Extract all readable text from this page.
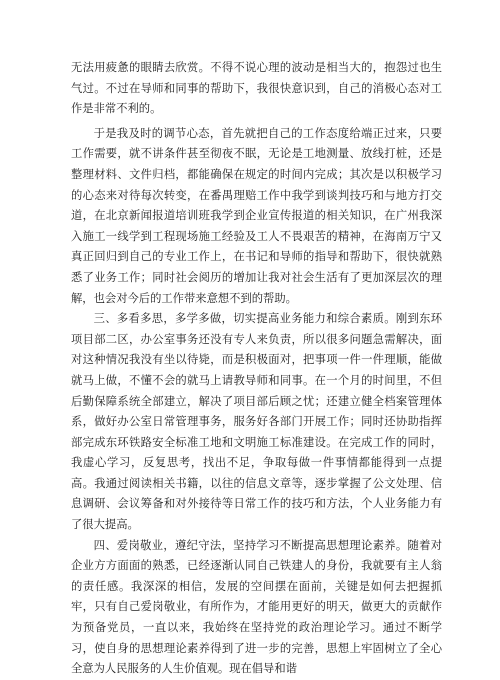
无法用疲惫的眼睛去欣赏。不得不说心理的波动是相当大的，抱怨过也生气过。不过在导师和同事的帮助下，我很快意识到，自己的消极心态对工作是非常不利的。

于是我及时的调节心态，首先就把自己的工作态度给端正过来，只要工作需要，就不讲条件甚至彻夜不眠，无论是工地测量、放线打桩，还是整理材料、文件归档，都能确保在规定的时间内完成；其次是以积极学习的心态来对待每次转变，在番禺理赔工作中我学到谈判技巧和与地方打交道，在北京新闻报道培训班我学到企业宣传报道的相关知识，在广州我深入施工一线学到工程现场施工经验及工人不畏艰苦的精神，在海南万宁又真正回归到自己的专业工作上，在书记和导师的指导和帮助下，很快就熟悉了业务工作；同时社会阅历的增加让我对社会生活有了更加深层次的理解，也会对今后的工作带来意想不到的帮助。

三、多看多思，多学多做，切实提高业务能力和综合素质。刚到东环项目部二区，办公室事务还没有专人来负责，所以很多问题急需解决，面对这种情况我没有坐以待毙，而是积极面对，把事项一件一件理顺，能做就马上做，不懂不会的就马上请教导师和同事。在一个月的时间里，不但后勤保障系统全部建立，解决了项目部后顾之忧；还建立健全档案管理体系，做好办公室日常管理事务，服务好各部门开展工作；同时还协助指挥部完成东环铁路安全标准工地和文明施工标准建设。在完成工作的同时，我虚心学习，反复思考，找出不足，争取每做一件事情都能得到一点提高。我通过阅读相关书籍，以往的信息文章等，逐步掌握了公文处理、信息调研、会议筹备和对外接待等日常工作的技巧和方法，个人业务能力有了很大提高。

四、爱岗敬业，遵纪守法，坚持学习不断提高思想理论素养。随着对企业方方面面的熟悉，已经逐渐认同自己铁建人的身份，我就要有主人翁的责任感。我深深的相信，发展的空间摆在面前，关键是如何去把握抓牢，只有自己爱岗敬业，有所作为，才能用更好的明天，做更大的贡献作为预备党员，一直以来，我始终在坚持党的政治理论学习。通过不断学习，使自身的思想理论素养得到了进一步的完善，思想上牢固树立了全心全意为人民服务的人生价值观。现在倡导和谐
